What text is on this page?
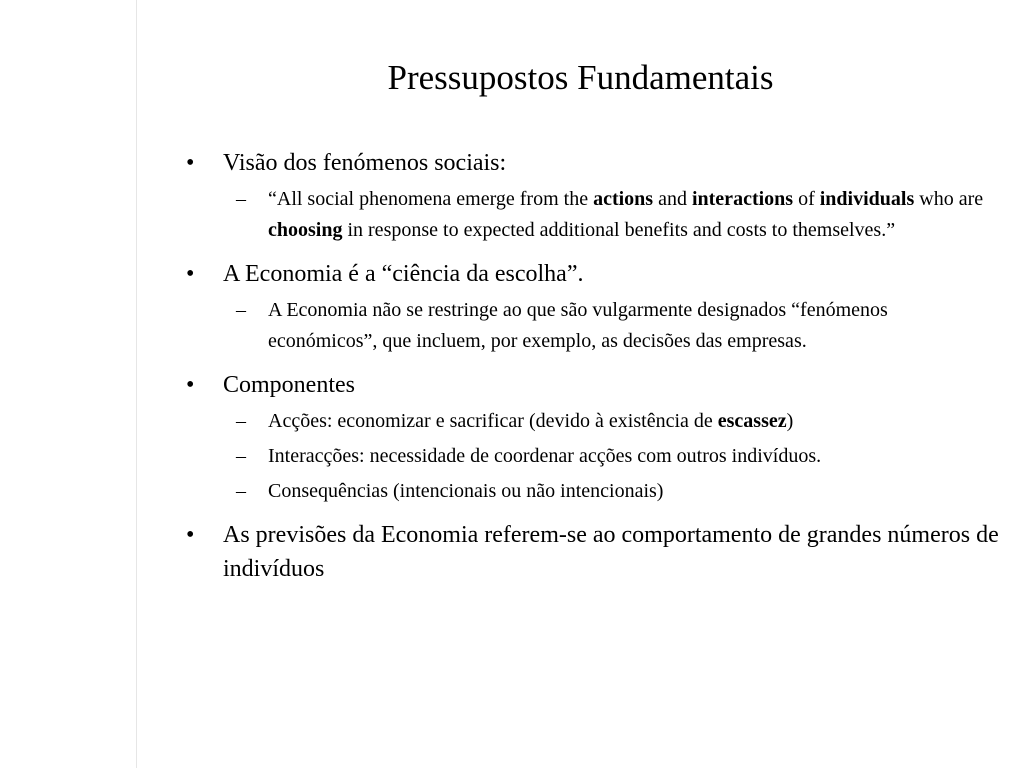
Pressupostos Fundamentais
•	Visão dos fenómenos sociais:
– “All social phenomena emerge from the actions and interactions of individuals who are choosing in response to expected additional benefits and costs to themselves.”
•	A Economia é a “ciência da escolha”.
– A Economia não se restringe ao que são vulgarmente designados “fenómenos económicos”, que incluem, por exemplo, as decisões das empresas.
•	Componentes
– Acções: economizar e sacrificar (devido à existência de escassez)
– Interacções: necessidade de coordenar acções com outros indivíduos.
– Consequências (intencionais ou não intencionais)
•	As previsões da Economia referem-se ao comportamento de grandes números de indivíduos
